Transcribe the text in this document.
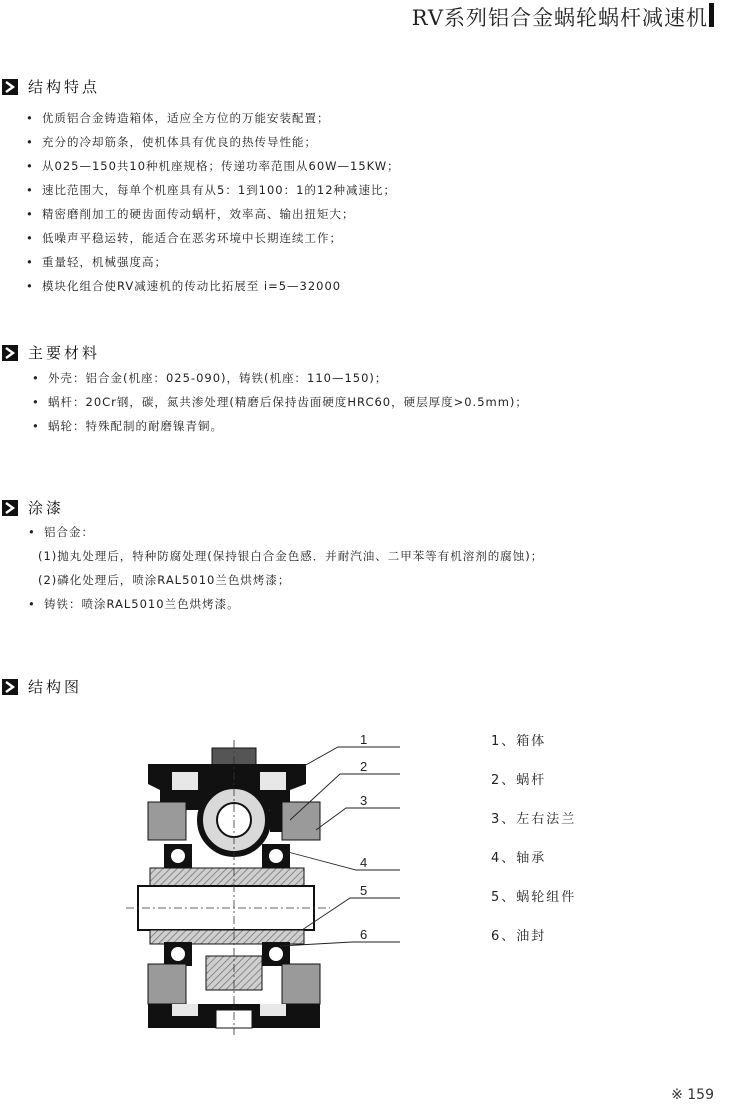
RV系列铝合金蜗轮蜗杆减速机
结构特点
• 优质铝合金铸造箱体，适应全方位的万能安装配置；
• 充分的冷却筋条，使机体具有优良的热传导性能；
• 从025—150共10种机座规格；传递功率范围从60W—15KW；
• 速比范围大，每单个机座具有从5：1到100：1的12种减速比；
• 精密磨削加工的硬齿面传动蜗杆，效率高、输出扭矩大；
• 低噪声平稳运转，能适合在恶劣环境中长期连续工作；
• 重量轻，机械强度高；
• 模块化组合使RV减速机的传动比拓展至 i=5—32000
主要材料
• 外壳：铝合金(机座：025-090)，铸铁(机座：110—150)；
• 蜗杆：20Cr钢，碳，氮共渗处理(精磨后保持齿面硬度HRC60，硬层厚度>0.5mm)；
• 蜗轮：特殊配制的耐磨镍青铜。
涂漆
• 铝合金：
(1)抛丸处理后，特种防腐处理(保持银白合金色感．并耐汽油、二甲苯等有机溶剂的腐蚀)；
(2)磷化处理后，喷涂RAL5010兰色烘烤漆；
• 铸铁：喷涂RAL5010兰色烘烤漆。
结构图
1
2
3
4
5
6
1、箱体
2、蜗杆
3、左右法兰
4、轴承
5、蜗轮组件
6、油封
※ 159
